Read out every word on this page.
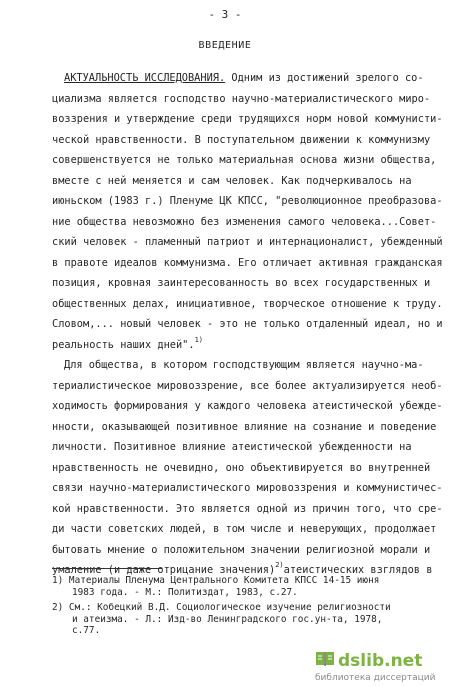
- 3 -
ВВЕДЕНИЕ
АКТУАЛЬНОСТЬ ИССЛЕДОВАНИЯ. Одним из достижений зрелого со-
циализма является господство научно-материалистического миро-
воззрения и утверждение среди трудящихся норм новой коммунисти-
ческой нравственности. В поступательном движении к коммунизму
совершенствуется не только материальная основа жизни общества,
вместе с ней меняется и сам человек. Как подчеркивалось на
июньском (1983 г.) Пленуме ЦК КПСС, "революционное преобразова-
ние общества невозможно без изменения самого человека...Совет-
ский человек - пламенный патриот и интернационалист, убежденный
в правоте идеалов коммунизма. Его отличает активная гражданская
позиция, кровная заинтересованность во всех государственных и
общественных делах, инициативное, творческое отношение к труду.
Словом,... новый человек - это не только отдаленный идеал, но и
реальность наших дней".$^{1)}$
Для общества, в котором господствующим является научно-ма-
териалистическое мировоззрение, все более актуализируется необ-
ходимость формирования у каждого человека атеистической убежде-
нности, оказывающей позитивное влияние на сознание и поведение
личности. Позитивное влияние атеистической убежденности на
нравственность не очевидно, оно объективируется во внутренней
связи научно-материалистического мировоззрения и коммунистичес-
кой нравственности. Это является одной из причин того, что сре-
ди части советских людей, в том числе и неверующих, продолжает
бытовать мнение о положительном значении религиозной морали и
умаление (и даже отрицание значения)$^{2)}$атеистических взглядов в
1) Материалы Пленума Центрального Комитета КПСС 14-15 июня
1983 года. - М.: Политиздат, 1983, с.27.
2) См.: Кобецкий В.Д. Социологическое изучение религиозности
и атеизма. - Л.: Изд-во Ленинградского гос.ун-та, 1978,
с.77.
dslib.net
библиотека диссертаций
